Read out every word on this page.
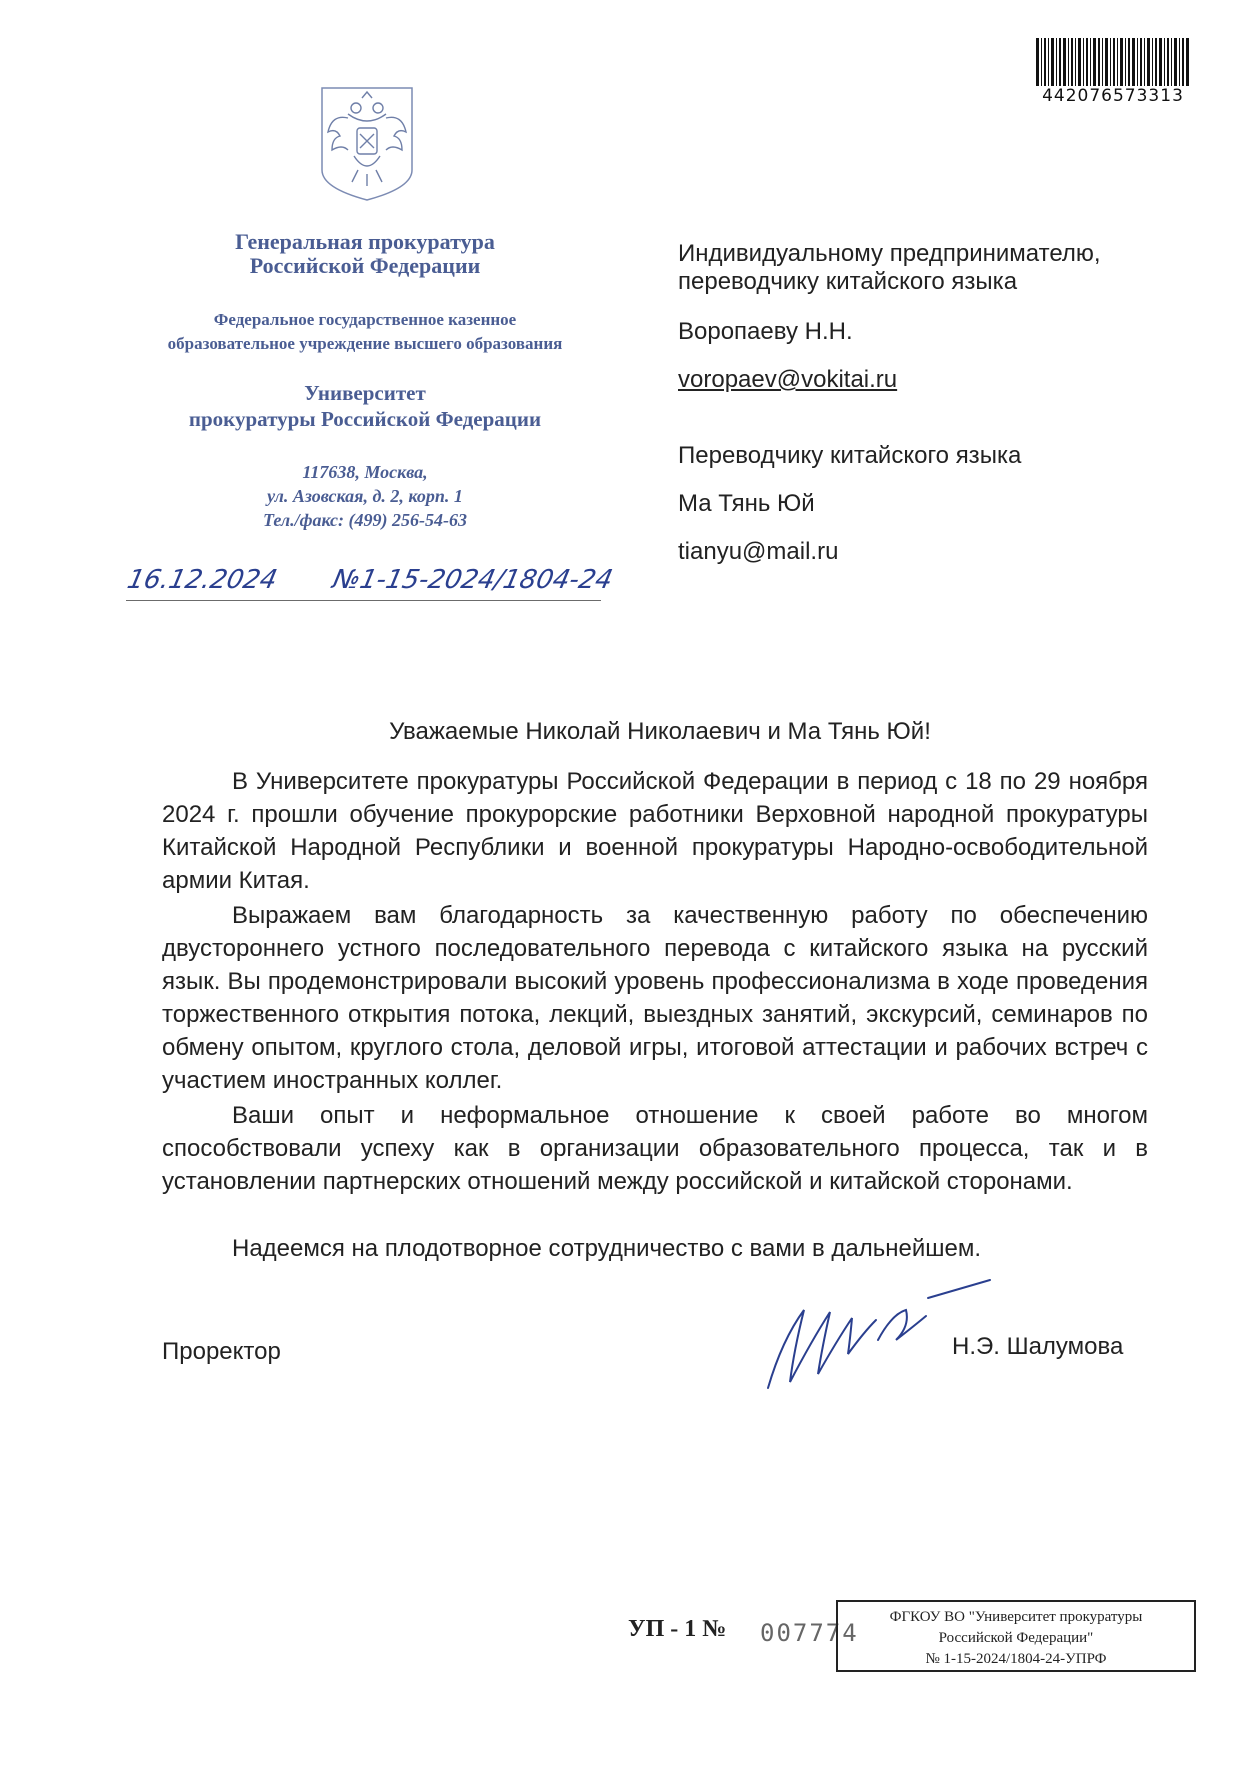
442076573313
Генеральная прокуратура
Российской Федерации
Федеральное государственное казенное
образовательное учреждение высшего образования
Университет
прокуратуры Российской Федерации
117638, Москва,
ул. Азовская, д. 2, корп. 1
Тел./факс: (499) 256-54-63
16.12.2024 №1-15-2024/1804-24
Индивидуальному предпринимателю,
переводчику китайского языка
Воропаеву Н.Н.
voropaev@vokitai.ru
Переводчику китайского языка
Ма Тянь Юй
tianyu@mail.ru
Уважаемые Николай Николаевич и Ма Тянь Юй!

В Университете прокуратуры Российской Федерации в период с 18 по 29 ноября 2024 г. прошли обучение прокурорские работники Верховной народной прокуратуры Китайской Народной Республики и военной прокуратуры Народно-освободительной армии Китая.

Выражаем вам благодарность за качественную работу по обеспечению двустороннего устного последовательного перевода с китайского языка на русский язык. Вы продемонстрировали высокий уровень профессионализма в ходе проведения торжественного открытия потока, лекций, выездных занятий, экскурсий, семинаров по обмену опытом, круглого стола, деловой игры, итоговой аттестации и рабочих встреч с участием иностранных коллег.

Ваши опыт и неформальное отношение к своей работе во многом способствовали успеху как в организации образовательного процесса, так и в установлении партнерских отношений между российской и китайской сторонами.

Надеемся на плодотворное сотрудничество с вами в дальнейшем.

Проректор	Н.Э. Шалумова
УП - 1 № 007774
ФГКОУ ВО "Университет прокуратуры
Российской Федерации"
№ 1-15-2024/1804-24-УПРФ
